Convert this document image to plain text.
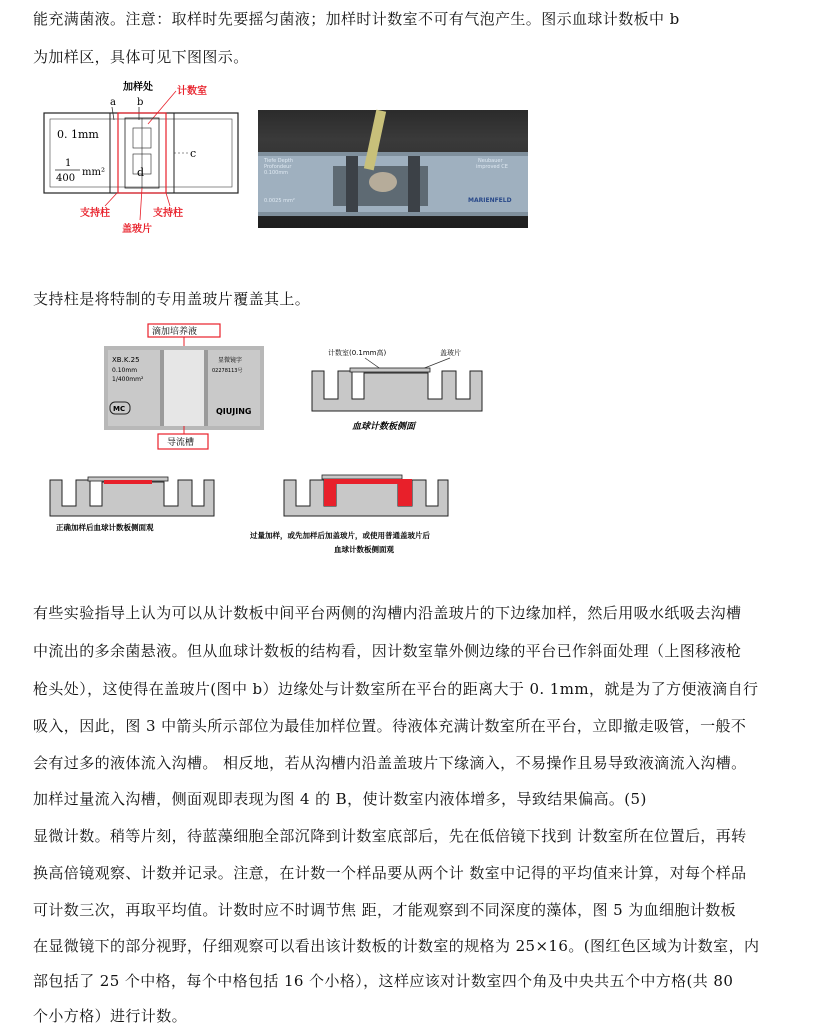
能充满菌液。注意：取样时先要摇匀菌液；加样时计数室不可有气泡产生。图示血球计数板中 b
为加样区，具体可见下图图示。
加样处
a b
计数室
c
d
0. 1mm
1
400
mm²
支持柱	支持柱
盖玻片
Tiefe Depth
Profondeur
0.100mm
Neubauer
improved CE
0.0025 mm²	MARIENFELD
支持柱是将特制的专用盖玻片覆盖其上。
滴加培养液
XB.K.25
0.10mm
1/400mm²
显微镜字
02278113号
MC	QIUJING
导流槽
计数室(0.1mm高)	盖玻片
血球计数板侧面
正确加样后血球计数板侧面观
过量加样，或先加样后加盖玻片，或使用普通盖玻片后
血球计数板侧面观
有些实验指导上认为可以从计数板中间平台两侧的沟槽内沿盖玻片的下边缘加样，然后用吸水纸吸去沟槽
中流出的多余菌悬液。但从血球计数板的结构看，因计数室靠外侧边缘的平台已作斜面处理（上图移液枪
枪头处），这使得在盖玻片(图中 b）边缘处与计数室所在平台的距离大于 0. 1mm，就是为了方便液滴自行
吸入，因此，图 3 中箭头所示部位为最佳加样位置。待液体充满计数室所在平台，立即撤走吸管，一般不
会有过多的液体流入沟槽。 相反地，若从沟槽内沿盖盖玻片下缘滴入，不易操作且易导致液滴流入沟槽。
加样过量流入沟槽，侧面观即表现为图 4 的 B，使计数室内液体增多，导致结果偏高。(5)
显微计数。稍等片刻，待蓝藻细胞全部沉降到计数室底部后，先在低倍镜下找到 计数室所在位置后，再转
换高倍镜观察、计数并记录。注意，在计数一个样品要从两个计 数室中记得的平均值来计算，对每个样品
可计数三次，再取平均值。计数时应不时调节焦 距，才能观察到不同深度的藻体，图 5 为血细胞计数板
在显微镜下的部分视野，仔细观察可以看出该计数板的计数室的规格为 25×16。(图红色区域为计数室，内
部包括了 25 个中格，每个中格包括 16 个小格），这样应该对计数室四个角及中央共五个中方格(共 80
个小方格）进行计数。
